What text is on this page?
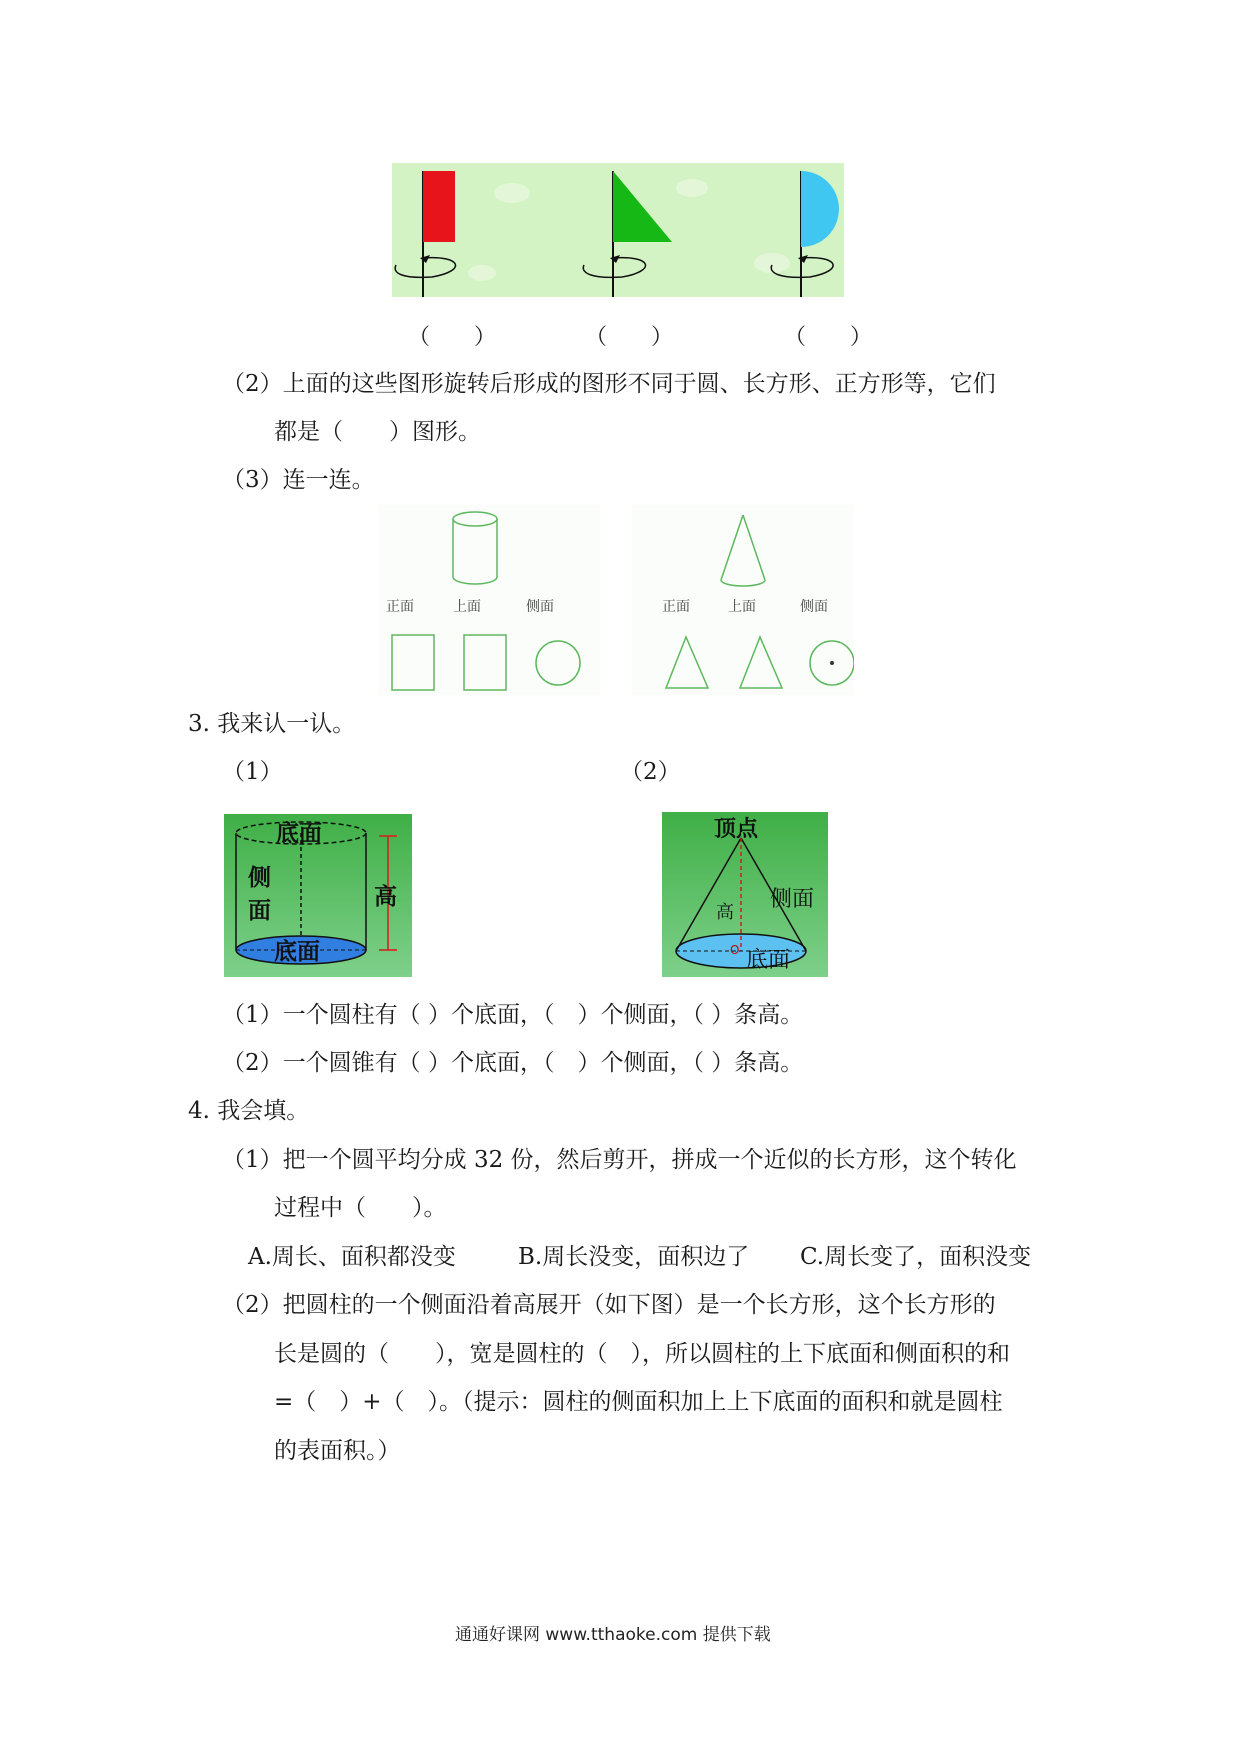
（　　）	（　　）	（　　）
（2）上面的这些图形旋转后形成的图形不同于圆、长方形、正方形等，它们
都是（　　）图形。
（3）连一连。
正面	上面	侧面	正面	上面	侧面
3. 我来认一认。
（1）	（2）
底面
侧
面
高
底面
顶点
侧面
高
O 底面
（1）一个圆柱有（ ）个底面，（　）个侧面，（ ）条高。
（2）一个圆锥有（ ）个底面，（　）个侧面，（ ）条高。
4. 我会填。
（1）把一个圆平均分成 32 份，然后剪开，拼成一个近似的长方形，这个转化
过程中（　　）。
A.周长、面积都没变	B.周长没变，面积边了 C.周长变了，面积没变
（2）把圆柱的一个侧面沿着高展开（如下图）是一个长方形，这个长方形的
长是圆的（　　），宽是圆柱的（　），所以圆柱的上下底面和侧面积的和
=（　）+（　）。（提示：圆柱的侧面积加上上下底面的面积和就是圆柱
的表面积。）
通通好课网 www.tthaoke.com 提供下载
